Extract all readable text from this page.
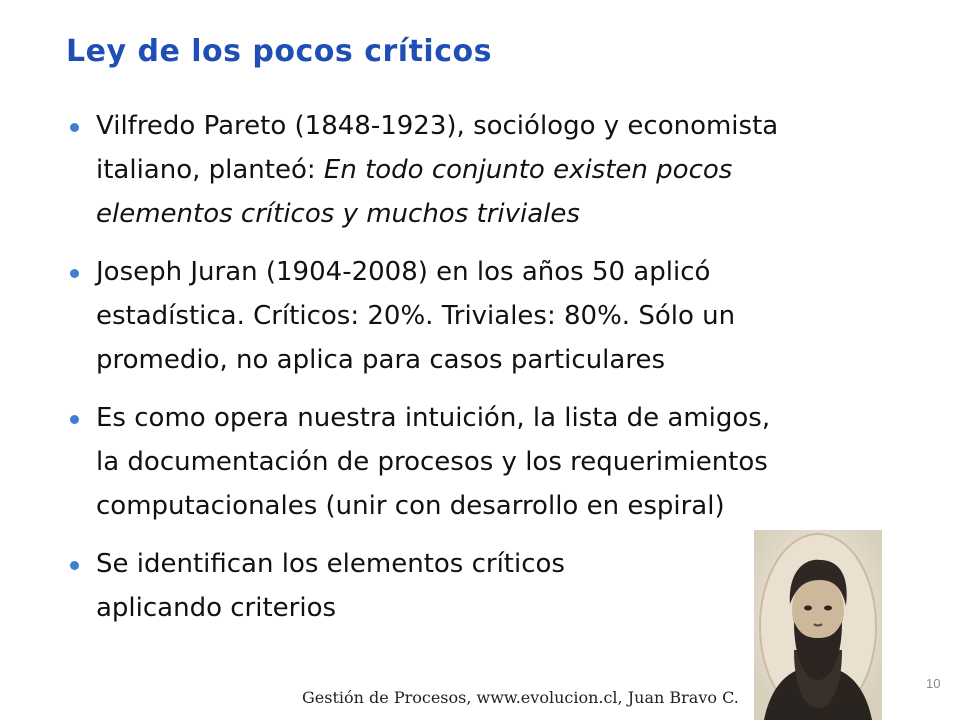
Ley de los pocos críticos
Vilfredo Pareto (1848-1923), sociólogo y economista
italiano, planteó: En todo conjunto existen pocos
elementos críticos y muchos triviales
Joseph Juran (1904-2008) en los años 50 aplicó
estadística. Críticos: 20%. Triviales: 80%. Sólo un
promedio, no aplica para casos particulares
Es como opera nuestra intuición, la lista de amigos,
la documentación de procesos y los requerimientos
computacionales (unir con desarrollo en espiral)
Se identifican los elementos críticos
aplicando criterios
Gestión de Procesos, www.evolucion.cl, Juan Bravo C.
10
